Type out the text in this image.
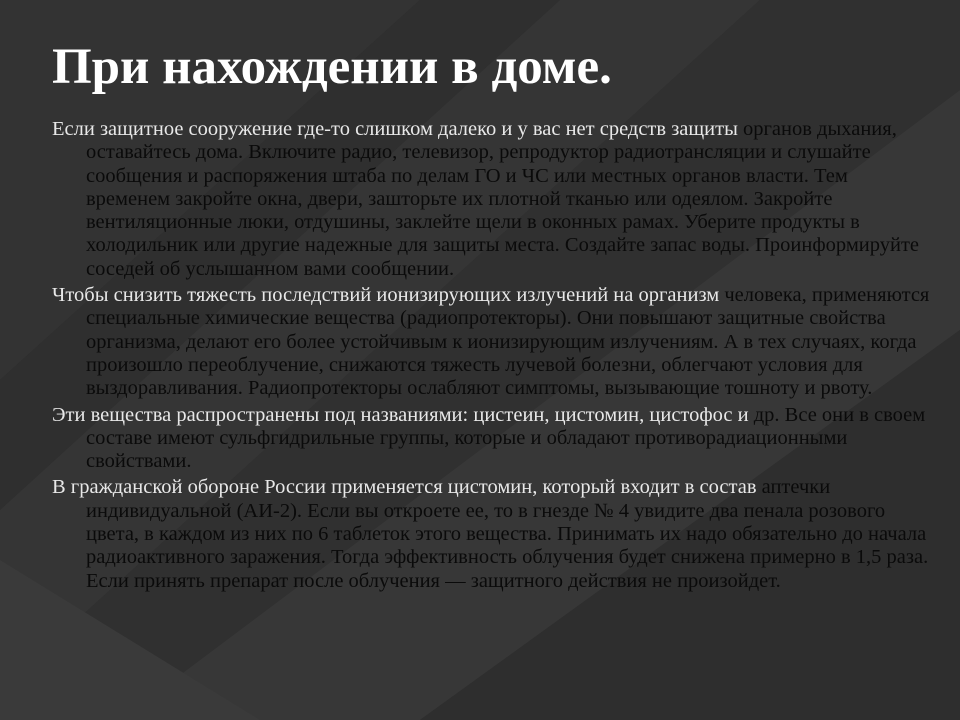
При нахождении в доме.

Если защитное сооружение где-то слишком далеко и у вас нет средств защиты органов дыхания, оставайтесь дома. Включите радио, телевизор, репродуктор радиотрансляции и слушайте сообщения и распоряжения штаба по делам ГО и ЧС или местных органов власти. Тем временем закройте окна, двери, зашторьте их плотной тканью или одеялом. Закройте вентиляционные люки, отдушины, заклейте щели в оконных рамах. Уберите продукты в холодильник или другие надежные для защиты места. Создайте запас воды. Проинформируйте соседей об услышанном вами сообщении.

Чтобы снизить тяжесть последствий ионизирующих излучений на организм человека, применяются специальные химические вещества (радиопротекторы). Они повышают защитные свойства организма, делают его более устойчивым к ионизирующим излучениям. А в тех случаях, когда произошло переоблучение, снижаются тяжесть лучевой болезни, облегчают условия для выздоравливания. Радиопротекторы ослабляют симптомы, вызывающие тошноту и рвоту.

Эти вещества распространены под названиями: цистеин, цистомин, цистофос и др. Все они в своем составе имеют сульфгидрильные группы, которые и обладают противорадиационными свойствами.

В гражданской обороне России применяется цистомин, который входит в состав аптечки индивидуальной (АИ-2). Если вы откроете ее, то в гнезде № 4 увидите два пенала розового цвета, в каждом из них по 6 таблеток этого вещества. Принимать их надо обязательно до начала радиоактивного заражения. Тогда эффективность облучения будет снижена примерно в 1,5 раза. Если принять препарат после облучения — защитного действия не произойдет.
